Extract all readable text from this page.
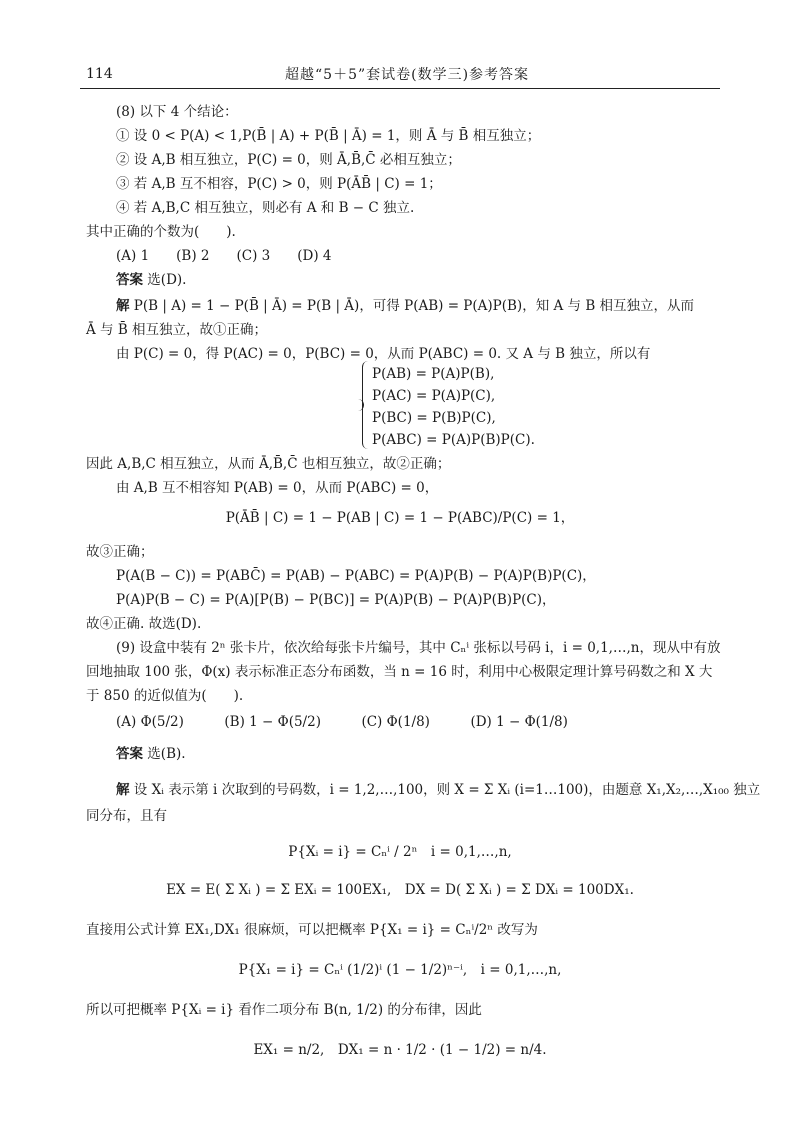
114	超越“5＋5”套试卷(数学三)参考答案
(8) 以下 4 个结论：
① 设 0 < P(A) < 1,P(B̄ | A) + P(B̄ | Ā) = 1，则 Ā 与 B̄ 相互独立；
② 设 A,B 相互独立，P(C) = 0，则 Ā,B̄,C̄ 必相互独立；
③ 若 A,B 互不相容，P(C) > 0，则 P(ĀB̄ | C) = 1；
④ 若 A,B,C 相互独立，则必有 A 和 B − C 独立.
其中正确的个数为(　　).
(A) 1　　(B) 2　　(C) 3　　(D) 4
答案 选(D).
解 P(B | A) = 1 − P(B̄ | Ā) = P(B | Ā)，可得 P(AB) = P(A)P(B)，知 A 与 B 相互独立，从而
Ā 与 B̄ 相互独立，故①正确；
由 P(C) = 0，得 P(AC) = 0，P(BC) = 0，从而 P(ABC) = 0. 又 A 与 B 独立，所以有
P(AB) = P(A)P(B),
P(AC) = P(A)P(C),
P(BC) = P(B)P(C),
P(ABC) = P(A)P(B)P(C).
因此 A,B,C 相互独立，从而 Ā,B̄,C̄ 也相互独立，故②正确；
由 A,B 互不相容知 P(AB) = 0，从而 P(ABC) = 0，
P(ĀB̄ | C) = 1 − P(AB | C) = 1 − P(ABC)/P(C) = 1，
故③正确；
P(A(B − C)) = P(ABC̄) = P(AB) − P(ABC) = P(A)P(B) − P(A)P(B)P(C)，
P(A)P(B − C) = P(A)[P(B) − P(BC)] = P(A)P(B) − P(A)P(B)P(C)，
故④正确. 故选(D).
(9) 设盒中装有 2ⁿ 张卡片，依次给每张卡片编号，其中 Cₙⁱ 张标以号码 i，i = 0,1,…,n，现从中有放
回地抽取 100 张，Φ(x) 表示标准正态分布函数，当 n = 16 时，利用中心极限定理计算号码数之和 X 大
于 850 的近似值为(　　).
(A) Φ(5/2)　　　(B) 1 − Φ(5/2)　　　(C) Φ(1/8)　　　(D) 1 − Φ(1/8)
答案 选(B).
解 设 Xᵢ 表示第 i 次取到的号码数，i = 1,2,…,100，则 X = Σ Xᵢ (i=1…100)，由题意 X₁,X₂,…,X₁₀₀ 独立
同分布，且有
P{Xᵢ = i} = Cₙⁱ / 2ⁿ　i = 0,1,…,n,
EX = E( Σ Xᵢ ) = Σ EXᵢ = 100EX₁,　DX = D( Σ Xᵢ ) = Σ DXᵢ = 100DX₁.
直接用公式计算 EX₁,DX₁ 很麻烦，可以把概率 P{X₁ = i} = Cₙⁱ/2ⁿ 改写为
P{X₁ = i} = Cₙⁱ (1/2)ⁱ (1 − 1/2)ⁿ⁻ⁱ,　i = 0,1,…,n,
所以可把概率 P{Xᵢ = i} 看作二项分布 B(n, 1/2) 的分布律，因此
EX₁ = n/2,　DX₁ = n · 1/2 · (1 − 1/2) = n/4.
